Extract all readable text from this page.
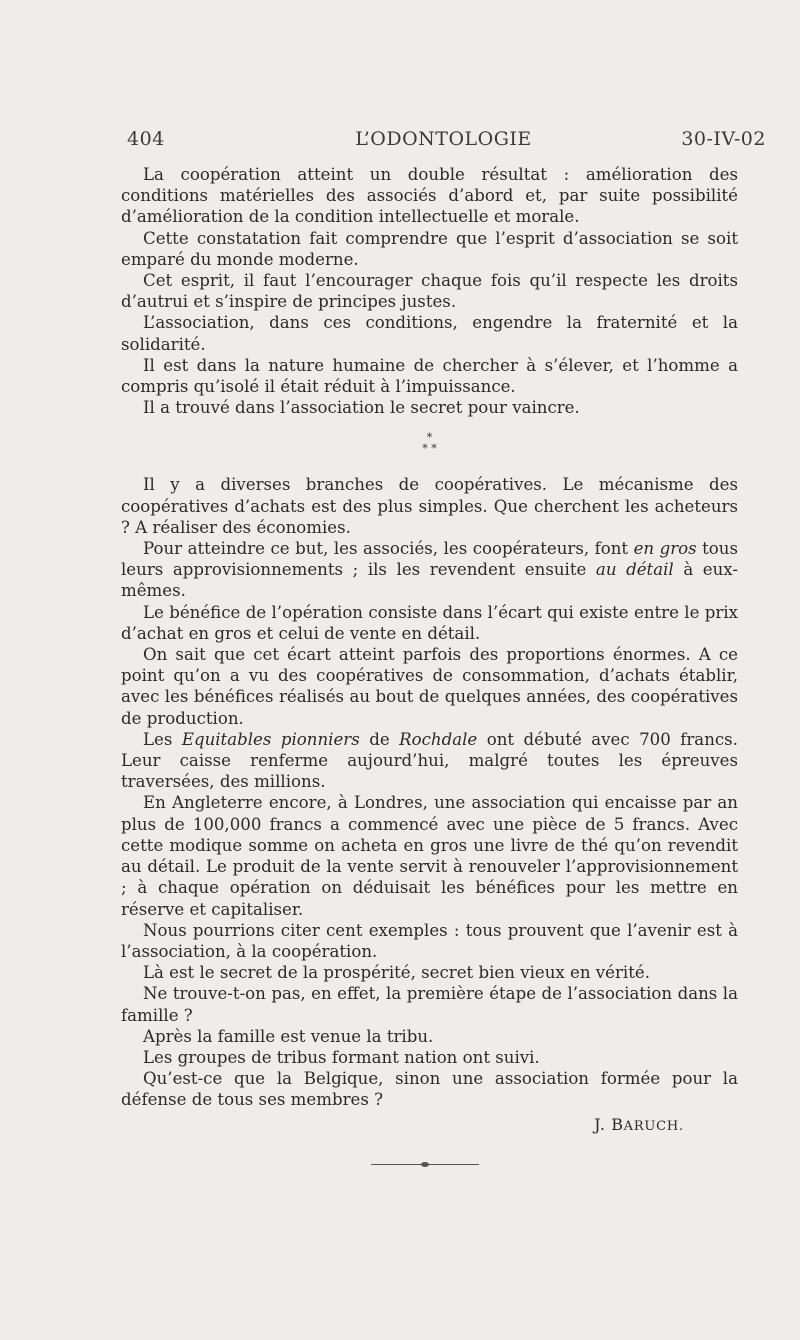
404	L’ODONTOLOGIE	30-IV-02

La coopération atteint un double résultat : amélioration des conditions matérielles des associés d’abord et, par suite possibilité d’amélioration de la condition intellectuelle et morale.

Cette constatation fait comprendre que l’esprit d’association se soit emparé du monde moderne.

Cet esprit, il faut l’encourager chaque fois qu’il respecte les droits d’autrui et s’inspire de principes justes.

L’association, dans ces conditions, engendre la fraternité et la solidarité.

Il est dans la nature humaine de chercher à s’élever, et l’homme a compris qu’isolé il était réduit à l’impuissance.

Il a trouvé dans l’association le secret pour vaincre.

*
* *

Il y a diverses branches de coopératives. Le mécanisme des coopératives d’achats est des plus simples. Que cherchent les acheteurs ? A réaliser des économies.

Pour atteindre ce but, les associés, les coopérateurs, font en gros tous leurs approvisionnements ; ils les revendent ensuite au détail à eux-mêmes.

Le bénéfice de l’opération consiste dans l’écart qui existe entre le prix d’achat en gros et celui de vente en détail.

On sait que cet écart atteint parfois des proportions énormes. A ce point qu’on a vu des coopératives de consommation, d’achats établir, avec les bénéfices réalisés au bout de quelques années, des coopératives de production.

Les Equitables pionniers de Rochdale ont débuté avec 700 francs. Leur caisse renferme aujourd’hui, malgré toutes les épreuves traversées, des millions.

En Angleterre encore, à Londres, une association qui encaisse par an plus de 100,000 francs a commencé avec une pièce de 5 francs. Avec cette modique somme on acheta en gros une livre de thé qu’on revendit au détail. Le produit de la vente servit à renouveler l’approvisionnement ; à chaque opération on déduisait les bénéfices pour les mettre en réserve et capitaliser.

Nous pourrions citer cent exemples : tous prouvent que l’avenir est à l’association, à la coopération.

Là est le secret de la prospérité, secret bien vieux en vérité.

Ne trouve-t-on pas, en effet, la première étape de l’association dans la famille ?

Après la famille est venue la tribu.

Les groupes de tribus formant nation ont suivi.

Qu’est-ce que la Belgique, sinon une association formée pour la défense de tous ses membres ?

J. BARUCH.
